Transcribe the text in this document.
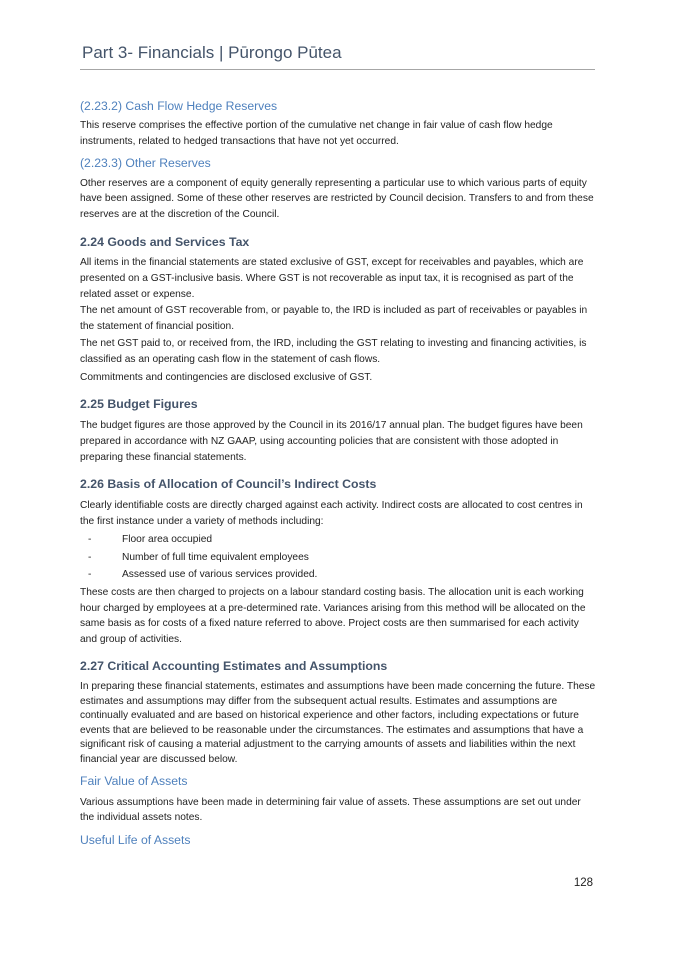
Part 3- Financials | Pūrongo Pūtea
(2.23.2) Cash Flow Hedge Reserves

This reserve comprises the effective portion of the cumulative net change in fair value of cash flow hedge instruments, related to hedged transactions that have not yet occurred.

(2.23.3) Other Reserves

Other reserves are a component of equity generally representing a particular use to which various parts of equity have been assigned. Some of these other reserves are restricted by Council decision. Transfers to and from these reserves are at the discretion of the Council.

2.24 Goods and Services Tax

All items in the financial statements are stated exclusive of GST, except for receivables and payables, which are presented on a GST-inclusive basis. Where GST is not recoverable as input tax, it is recognised as part of the related asset or expense.

The net amount of GST recoverable from, or payable to, the IRD is included as part of receivables or payables in the statement of financial position.

The net GST paid to, or received from, the IRD, including the GST relating to investing and financing activities, is classified as an operating cash flow in the statement of cash flows.

Commitments and contingencies are disclosed exclusive of GST.

2.25 Budget Figures

The budget figures are those approved by the Council in its 2016/17 annual plan. The budget figures have been prepared in accordance with NZ GAAP, using accounting policies that are consistent with those adopted in preparing these financial statements.

2.26 Basis of Allocation of Council’s Indirect Costs

Clearly identifiable costs are directly charged against each activity. Indirect costs are allocated to cost centres in the first instance under a variety of methods including:

-	Floor area occupied
-	Number of full time equivalent employees
-	Assessed use of various services provided.

These costs are then charged to projects on a labour standard costing basis. The allocation unit is each working hour charged by employees at a pre-determined rate. Variances arising from this method will be allocated on the same basis as for costs of a fixed nature referred to above. Project costs are then summarised for each activity and group of activities.

2.27 Critical Accounting Estimates and Assumptions

In preparing these financial statements, estimates and assumptions have been made concerning the future. These estimates and assumptions may differ from the subsequent actual results. Estimates and assumptions are continually evaluated and are based on historical experience and other factors, including expectations or future events that are believed to be reasonable under the circumstances. The estimates and assumptions that have a significant risk of causing a material adjustment to the carrying amounts of assets and liabilities within the next financial year are discussed below.

Fair Value of Assets

Various assumptions have been made in determining fair value of assets. These assumptions are set out under the individual assets notes.

Useful Life of Assets
128
